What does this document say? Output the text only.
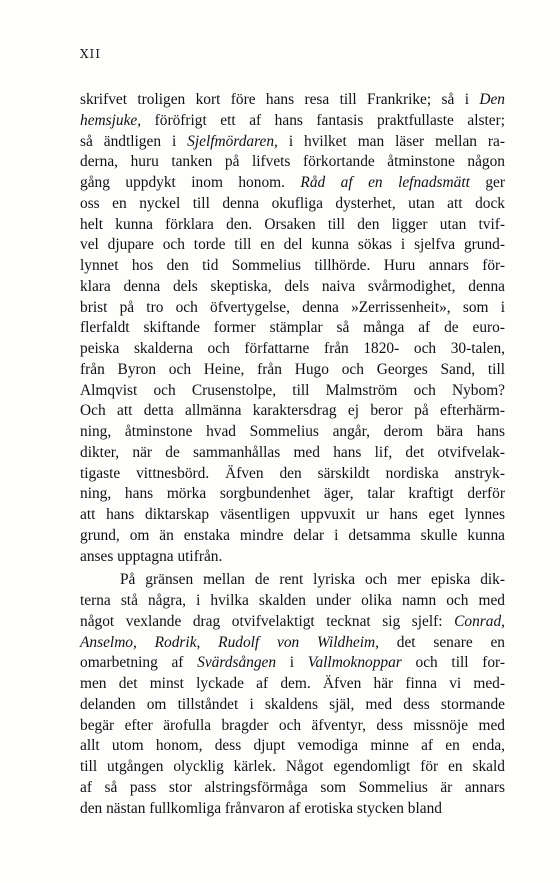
XII
skrifvet troligen kort före hans resa till Frankrike; så i Den
hemsjuke, föröfrigt ett af hans fantasis praktfullaste alster;
så ändtligen i Sjelfmördaren, i hvilket man läser mellan ra-
derna, huru tanken på lifvets förkortande åtminstone någon
gång uppdykt inom honom. Råd af en lefnadsmätt ger
oss en nyckel till denna okufliga dysterhet, utan att dock
helt kunna förklara den. Orsaken till den ligger utan tvif-
vel djupare och torde till en del kunna sökas i sjelfva grund-
lynnet hos den tid Sommelius tillhörde. Huru annars för-
klara denna dels skeptiska, dels naiva svårmodighet, denna
brist på tro och öfvertygelse, denna »Zerrissenheit», som i
flerfaldt skiftande former stämplar så många af de euro-
peiska skalderna och författarne från 1820- och 30-talen,
från Byron och Heine, från Hugo och Georges Sand, till
Almqvist och Crusenstolpe, till Malmström och Nybom?
Och att detta allmänna karaktersdrag ej beror på efterhärm-
ning, åtminstone hvad Sommelius angår, derom bära hans
dikter, när de sammanhållas med hans lif, det otvifvelak-
tigaste vittnesbörd. Äfven den särskildt nordiska anstryk-
ning, hans mörka sorgbundenhet äger, talar kraftigt derför
att hans diktarskap väsentligen uppvuxit ur hans eget lynnes
grund, om än enstaka mindre delar i detsamma skulle kunna
anses upptagna utifrån.
På gränsen mellan de rent lyriska och mer episka dik-
terna stå några, i hvilka skalden under olika namn och med
något vexlande drag otvifvelaktigt tecknat sig sjelf: Conrad,
Anselmo, Rodrik, Rudolf von Wildheim, det senare en
omarbetning af Svärdsången i Vallmoknoppar och till for-
men det minst lyckade af dem. Äfven här finna vi med-
delanden om tillståndet i skaldens själ, med dess stormande
begär efter ärofulla bragder och äfventyr, dess missnöje med
allt utom honom, dess djupt vemodiga minne af en enda,
till utgången olycklig kärlek. Något egendomligt för en skald
af så pass stor alstringsförmåga som Sommelius är annars
den nästan fullkomliga frånvaron af erotiska stycken bland
